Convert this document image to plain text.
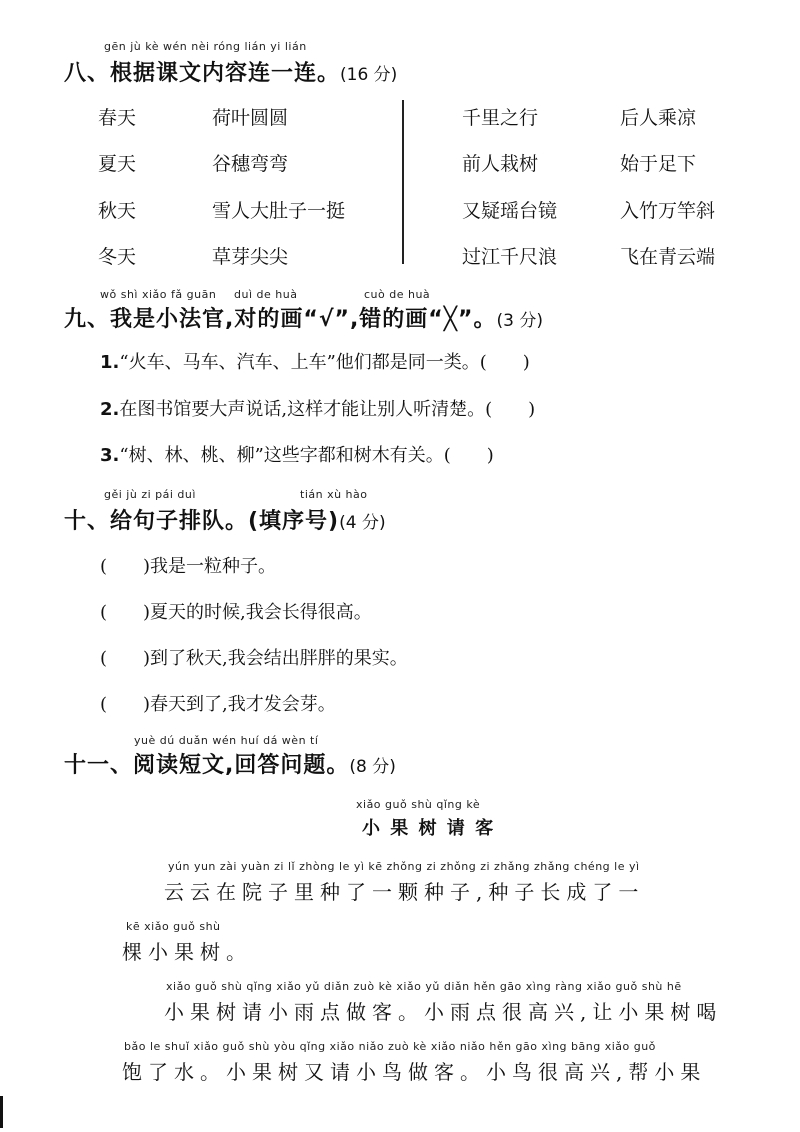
gēn jù kè wén nèi róng lián yi lián
八、根据课文内容连一连。(16 分)
春天
夏天
秋天
冬天
荷叶圆圆
谷穗弯弯
雪人大肚子一挺
草芽尖尖
千里之行
前人栽树
又疑瑶台镜
过江千尺浪
后人乘凉
始于足下
入竹万竿斜
飞在青云端
wǒ shì xiǎo fǎ guān duì de huà	cuò de huà
九、我是小法官,对的画“√”,错的画“╳”。(3 分)
1.“火车、马车、汽车、上车”他们都是同一类。(　　)
2.在图书馆要大声说话,这样才能让别人听清楚。(　　)
3.“树、林、桃、柳”这些字都和树木有关。(　　)
gěi jù zi pái duì	tián xù hào
十、给句子排队。(填序号)(4 分)
(　　)我是一粒种子。
(　　)夏天的时候,我会长得很高。
(　　)到了秋天,我会结出胖胖的果实。
(　　)春天到了,我才发会芽。
yuè dú duǎn wén huí dá wèn tí
十一、阅读短文,回答问题。(8 分)
xiǎo guǒ shù qǐng kè
小 果 树 请 客
yún yun zài yuàn zi lǐ zhòng le yì kē zhǒng zi zhǒng zi zhǎng zhǎng chéng le yì
云云在院子里种了一颗种子,种子长成了一
kē xiǎo guǒ shù
棵小果树。
xiǎo guǒ shù qǐng xiǎo yǔ diǎn zuò kè xiǎo yǔ diǎn hěn gāo xìng ràng xiǎo guǒ shù hē
小果树请小雨点做客。小雨点很高兴,让小果树喝
bǎo le shuǐ xiǎo guǒ shù yòu qǐng xiǎo niǎo zuò kè xiǎo niǎo hěn gāo xìng bāng xiǎo guǒ
饱了水。小果树又请小鸟做客。小鸟很高兴,帮小果
